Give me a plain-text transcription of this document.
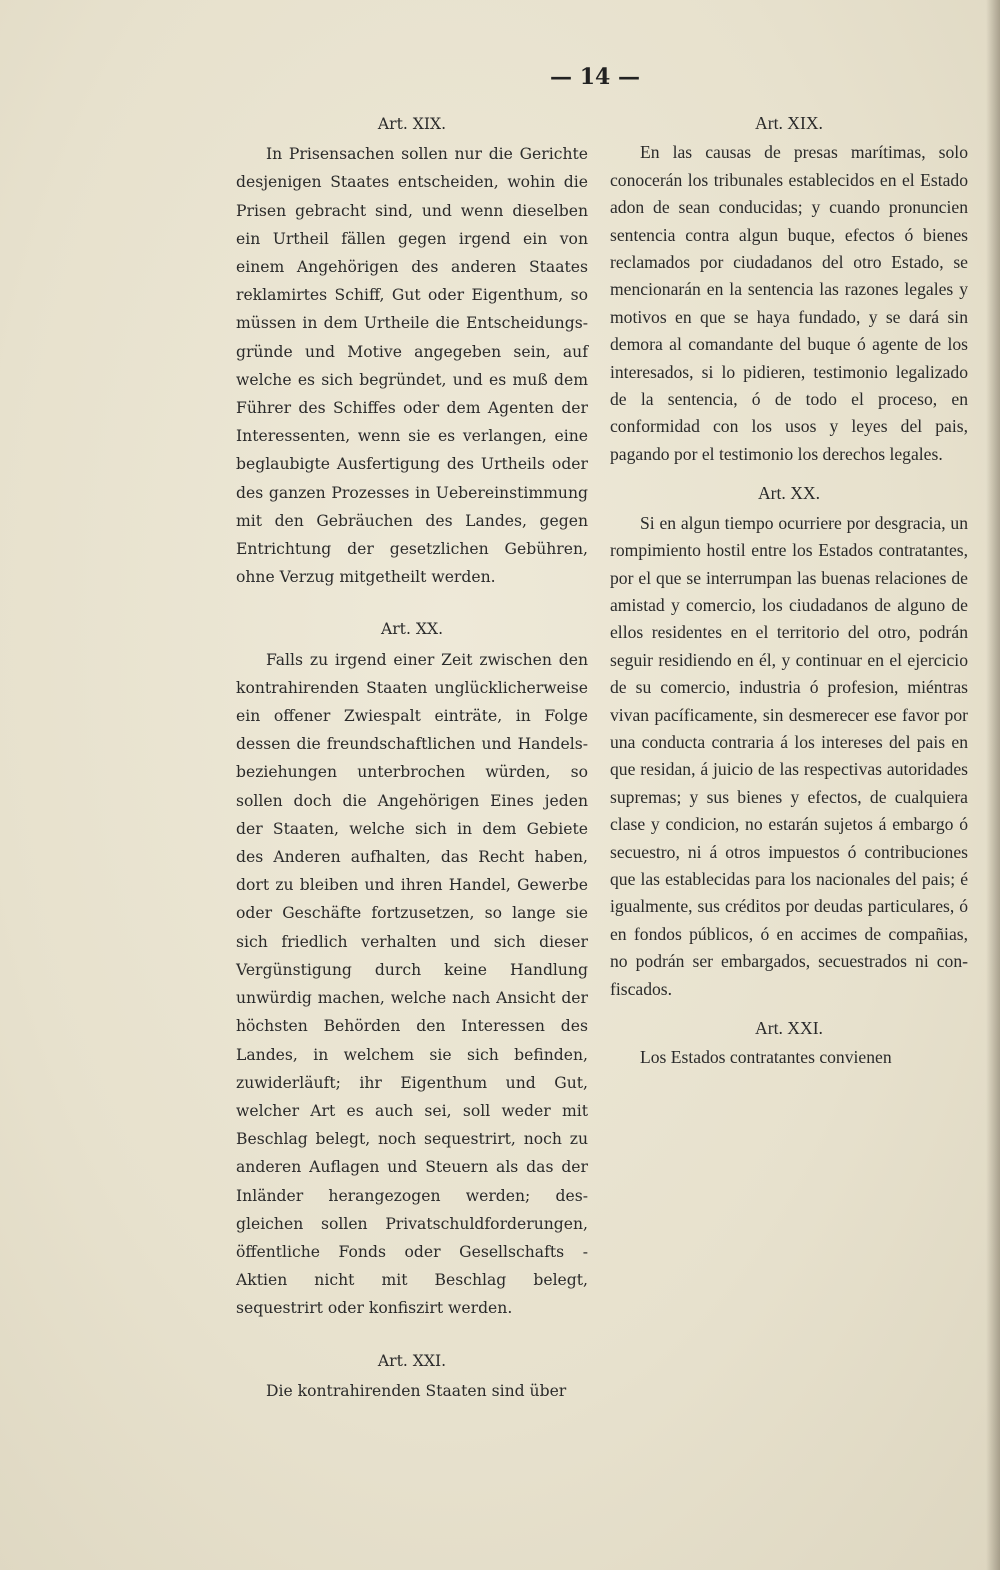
— 14 —

Art. XIX.

In Prisensachen sollen nur die Gerichte desjenigen Staates entscheiden, wohin die Prisen gebracht sind, und wenn dieselben ein Urtheil fällen gegen irgend ein von einem Angehörigen des anderen Staates reklamirtes Schiff, Gut oder Eigenthum, so müssen in dem Urtheile die Entscheidungsgründe und Motive angegeben sein, auf welche es sich begründet, und es muß dem Führer des Schiffes oder dem Agenten der Interessenten, wenn sie es verlangen, eine beglaubigte Ausfertigung des Urtheils oder des ganzen Prozesses in Uebereinstimmung mit den Gebräuchen des Landes, gegen Entrichtung der gesetzlichen Gebühren, ohne Verzug mitgetheilt werden.

Art. XX.

Falls zu irgend einer Zeit zwischen den kontrahirenden Staaten unglücklicherweise ein offener Zwiespalt einträte, in Folge dessen die freundschaftlichen und Handelsbeziehungen unterbrochen würden, so sollen doch die Angehörigen Eines jeden der Staaten, welche sich in dem Gebiete des Anderen aufhalten, das Recht haben, dort zu bleiben und ihren Handel, Gewerbe oder Geschäfte fortzusetzen, so lange sie sich friedlich verhalten und sich dieser Vergünstigung durch keine Handlung unwürdig machen, welche nach Ansicht der höchsten Behörden den Interessen des Landes, in welchem sie sich befinden, zuwiderläuft; ihr Eigenthum und Gut, welcher Art es auch sei, soll weder mit Beschlag belegt, noch sequestrirt, noch zu anderen Auflagen und Steuern als das der Inländer herangezogen werden; desgleichen sollen Privatschuldforderungen, öffentliche Fonds oder Gesellschafts - Aktien nicht mit Beschlag belegt, sequestrirt oder konfiszirt werden.

Art. XXI.

Die kontrahirenden Staaten sind über

Art. XIX.

En las causas de presas marítimas, solo conocerán los tribunales establecidos en el Estado adon de sean conducidas; y cuando pronuncien sentencia contra algun buque, efectos ó bienes reclamados por ciudadanos del otro Estado, se mencionarán en la sentencia las razones legales y motivos en que se haya fundado, y se dará sin demora al comandante del buque ó agente de los interesados, si lo pidieren, testimonio legalizado de la sentencia, ó de todo el proceso, en conformidad con los usos y leyes del pais, pagando por el testimonio los derechos legales.

Art. XX.

Si en algun tiempo ocurriere por desgracia, un rompimiento hostil entre los Estados contratantes, por el que se interrumpan las buenas relaciones de amistad y comercio, los ciudadanos de alguno de ellos residentes en el territorio del otro, podrán seguir residiendo en él, y continuar en el ejercicio de su comercio, industria ó profesion, miéntras vivan pacíficamente, sin desmerecer ese favor por una conducta contraria á los intereses del pais en que residan, á juicio de las respectivas autoridades supremas; y sus bienes y efectos, de cualquiera clase y condicion, no estarán sujetos á embargo ó secuestro, ni á otros impuestos ó contribuciones que las establecidas para los nacionales del pais; é igualmente, sus créditos por deudas particulares, ó en fondos públicos, ó en accimes de compañias, no podrán ser embargados, secuestrados ni confiscados.

Art. XXI.

Los Estados contratantes convienen
